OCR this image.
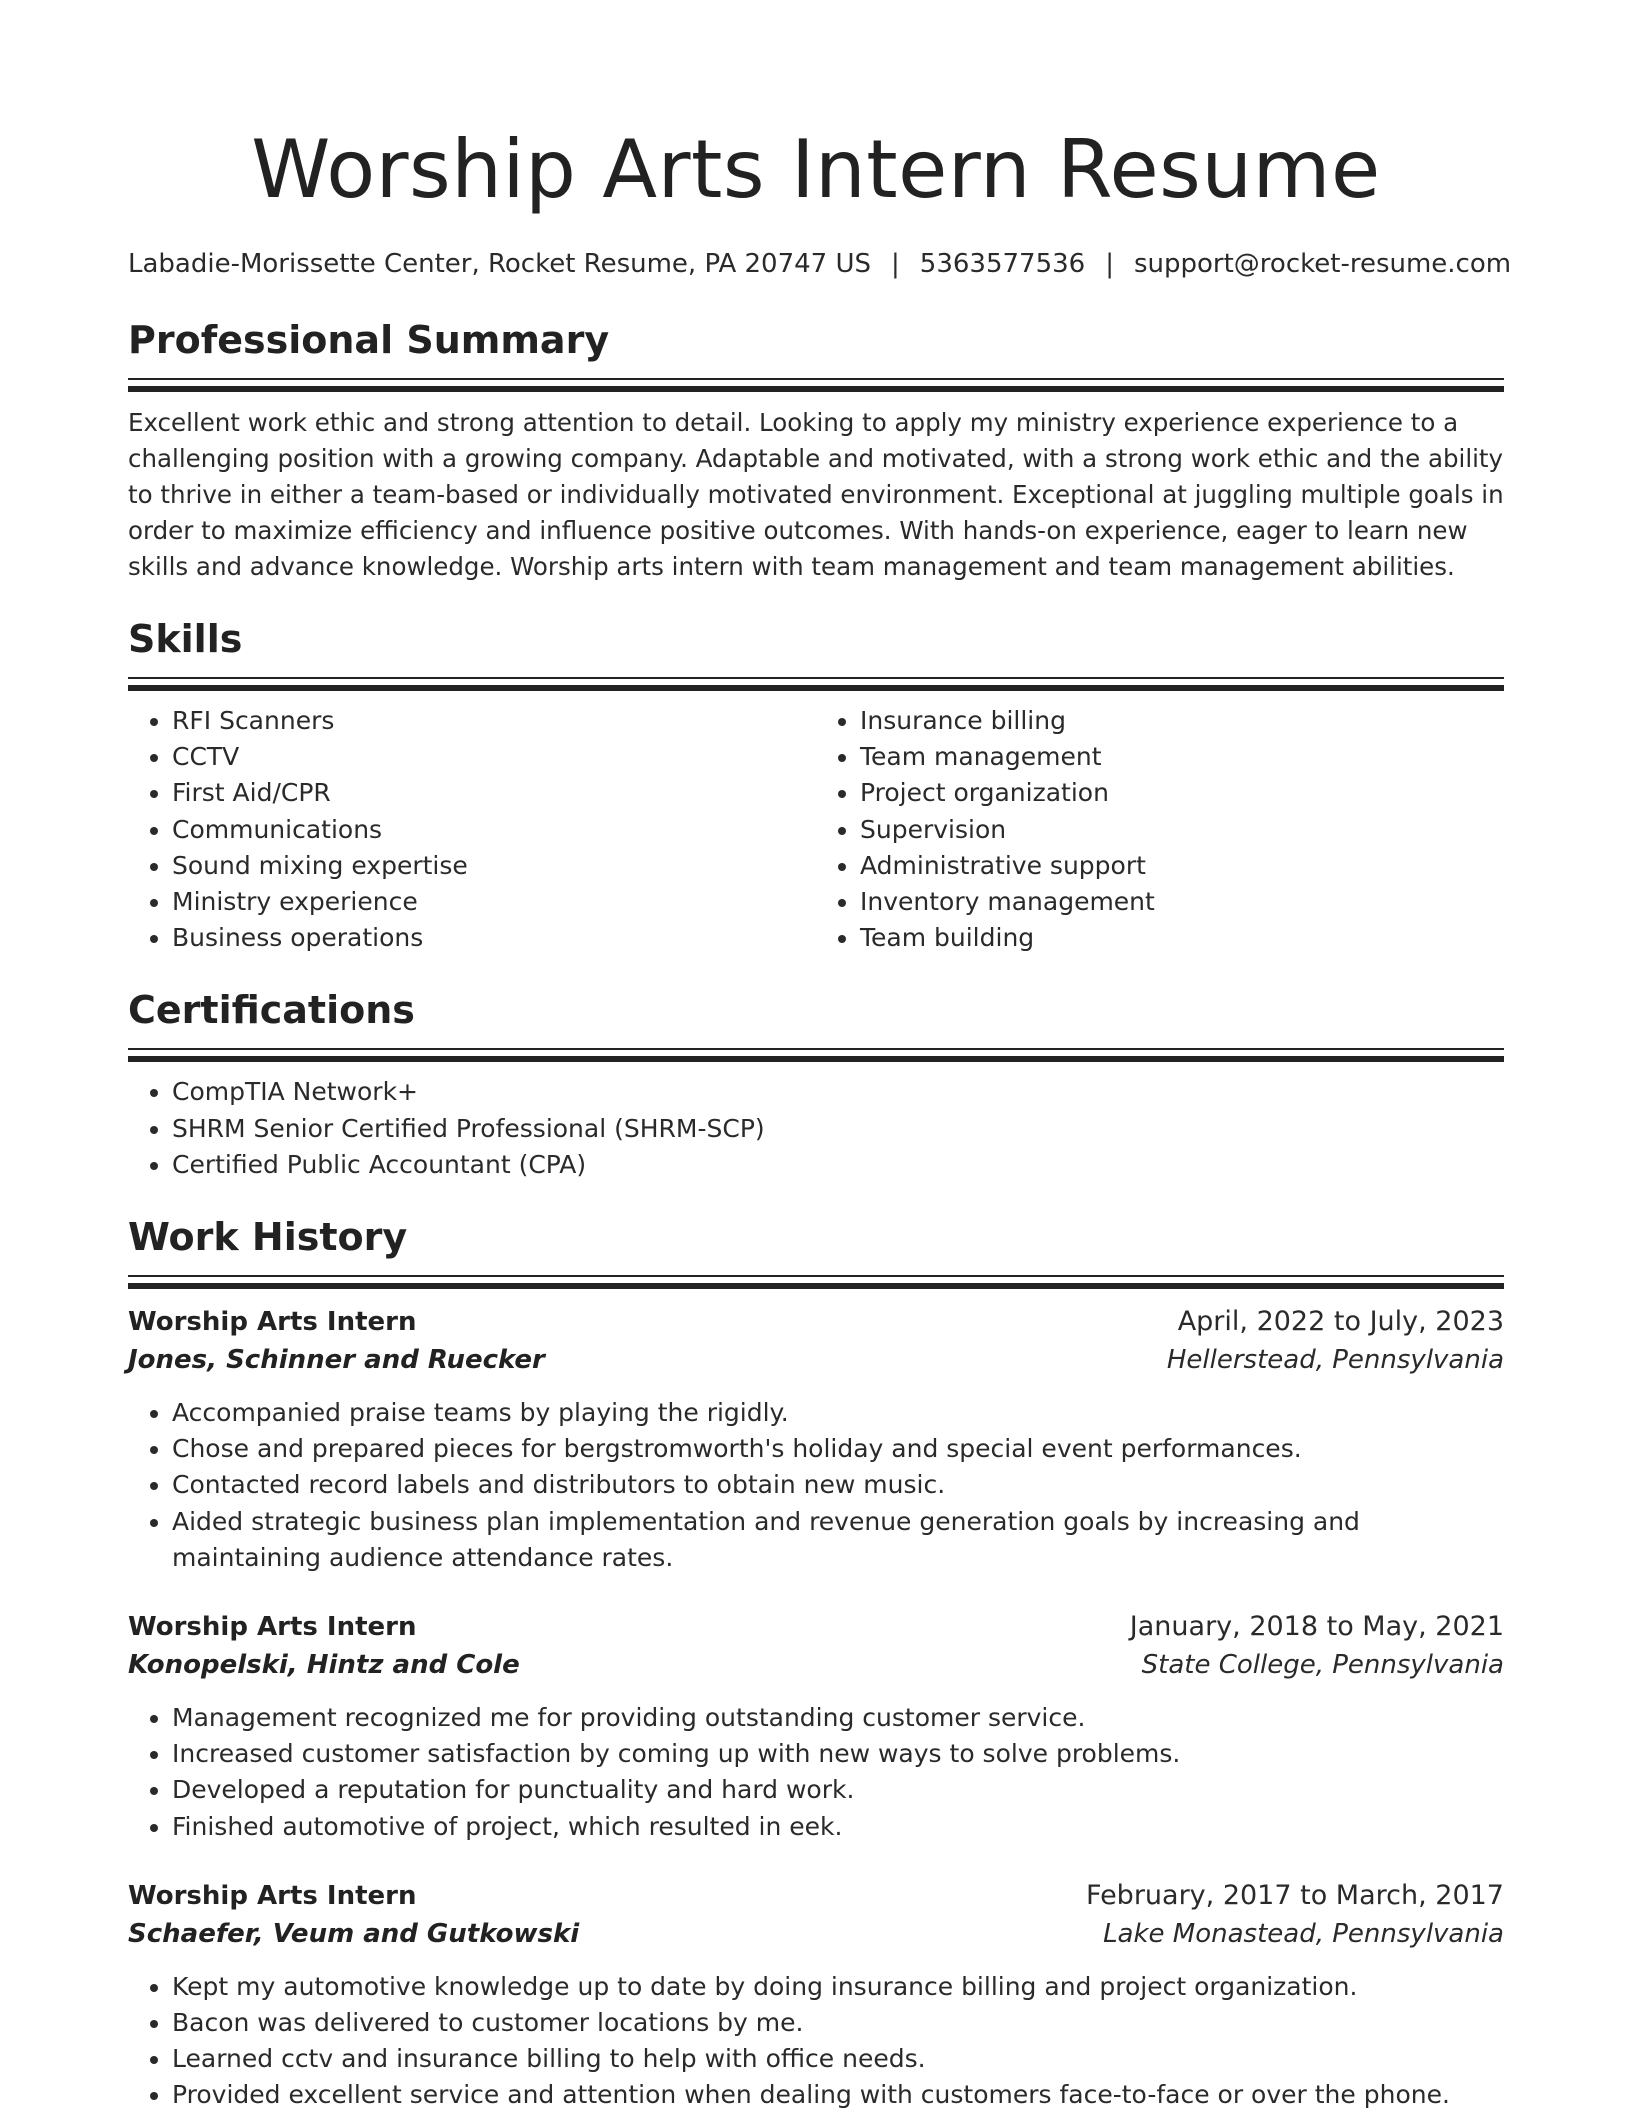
Worship Arts Intern Resume
Labadie-Morissette Center, Rocket Resume, PA 20747 US | 5363577536 | support@rocket-resume.com
Professional Summary

Excellent work ethic and strong attention to detail. Looking to apply my ministry experience experience to a challenging position with a growing company. Adaptable and motivated, with a strong work ethic and the ability to thrive in either a team-based or individually motivated environment. Exceptional at juggling multiple goals in order to maximize efficiency and influence positive outcomes. With hands-on experience, eager to learn new skills and advance knowledge. Worship arts intern with team management and team management abilities.

Skills
• RFI Scanners
• CCTV
• First Aid/CPR
• Communications
• Sound mixing expertise
• Ministry experience
• Business operations
• Insurance billing
• Team management
• Project organization
• Supervision
• Administrative support
• Inventory management
• Team building
Certifications
• CompTIA Network+
• SHRM Senior Certified Professional (SHRM-SCP)
• Certified Public Accountant (CPA)
Work History
Worship Arts Intern	April, 2022 to July, 2023
Jones, Schinner and Ruecker	Hellerstead, Pennsylvania
• Accompanied praise teams by playing the rigidly.
• Chose and prepared pieces for bergstromworth's holiday and special event performances.
• Contacted record labels and distributors to obtain new music.
• Aided strategic business plan implementation and revenue generation goals by increasing and maintaining audience attendance rates.
Worship Arts Intern	January, 2018 to May, 2021
Konopelski, Hintz and Cole	State College, Pennsylvania
• Management recognized me for providing outstanding customer service.
• Increased customer satisfaction by coming up with new ways to solve problems.
• Developed a reputation for punctuality and hard work.
• Finished automotive of project, which resulted in eek.
Worship Arts Intern	February, 2017 to March, 2017
Schaefer, Veum and Gutkowski	Lake Monastead, Pennsylvania
• Kept my automotive knowledge up to date by doing insurance billing and project organization.
• Bacon was delivered to customer locations by me.
• Learned cctv and insurance billing to help with office needs.
• Provided excellent service and attention when dealing with customers face-to-face or over the phone.
